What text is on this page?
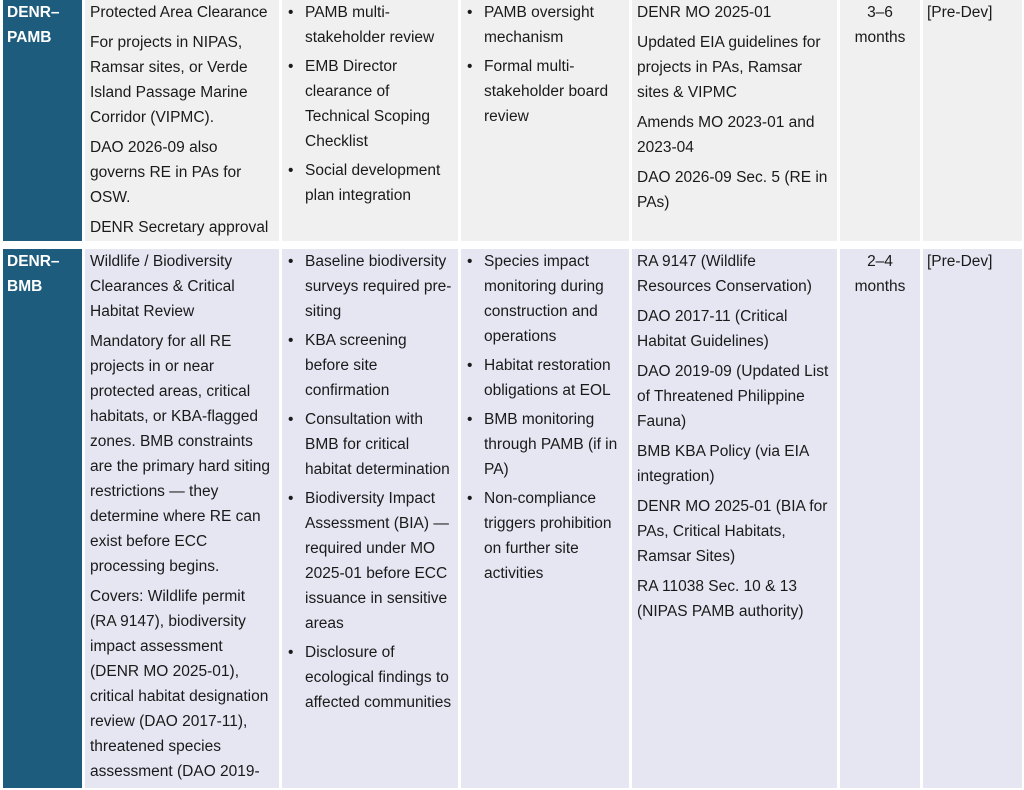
DENR–
PAMB
Protected Area Clearance
For projects in NIPAS, Ramsar sites, or Verde Island Passage Marine Corridor (VIPMC).
DAO 2026-09 also governs RE in PAs for OSW.
DENR Secretary approval
• PAMB multi-stakeholder review
• EMB Director clearance of Technical Scoping Checklist
• Social development plan integration
• PAMB oversight mechanism
• Formal multi-stakeholder board review
DENR MO 2025-01
Updated EIA guidelines for projects in PAs, Ramsar sites & VIPMC
Amends MO 2023-01 and 2023-04
DAO 2026-09 Sec. 5 (RE in PAs)
3–6 months
[Pre-Dev]
DENR–
BMB
Wildlife / Biodiversity Clearances & Critical Habitat Review
Mandatory for all RE projects in or near protected areas, critical habitats, or KBA-flagged zones. BMB constraints are the primary hard siting restrictions — they determine where RE can exist before ECC processing begins.
Covers: Wildlife permit (RA 9147), biodiversity impact assessment (DENR MO 2025-01), critical habitat designation review (DAO 2017-11), threatened species assessment (DAO 2019-
• Baseline biodiversity surveys required pre-siting
• KBA screening before site confirmation
• Consultation with BMB for critical habitat determination
• Biodiversity Impact Assessment (BIA) — required under MO 2025-01 before ECC issuance in sensitive areas
• Disclosure of ecological findings to affected communities
• Species impact monitoring during construction and operations
• Habitat restoration obligations at EOL
• BMB monitoring through PAMB (if in PA)
• Non-compliance triggers prohibition on further site activities
RA 9147 (Wildlife Resources Conservation)
DAO 2017-11 (Critical Habitat Guidelines)
DAO 2019-09 (Updated List of Threatened Philippine Fauna)
BMB KBA Policy (via EIA integration)
DENR MO 2025-01 (BIA for PAs, Critical Habitats, Ramsar Sites)
RA 11038 Sec. 10 & 13 (NIPAS PAMB authority)
2–4 months
[Pre-Dev]
